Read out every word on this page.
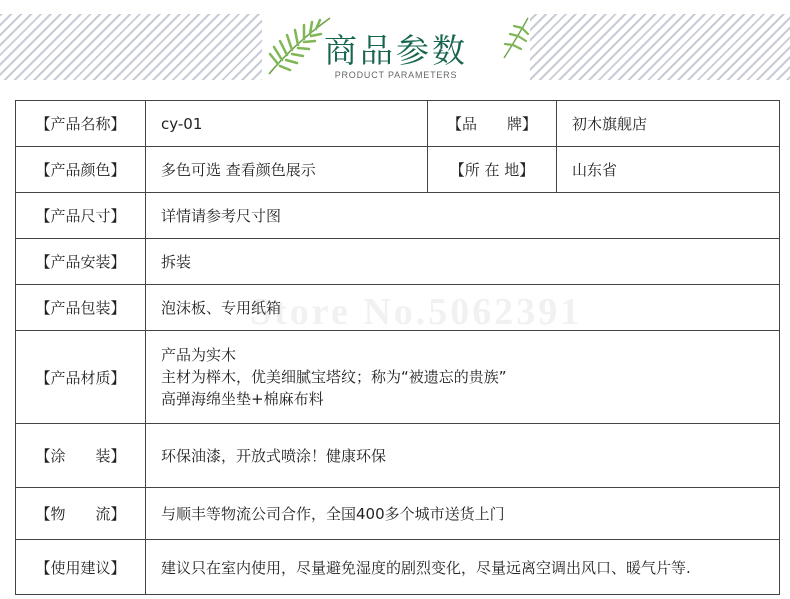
商品参数
PRODUCT PARAMETERS
【产品名称】	cy-01	【品　　牌】	初木旗舰店
【产品颜色】	多色可选 查看颜色展示	【所 在 地】	山东省
【产品尺寸】	详情请参考尺寸图		
【产品安装】	拆装		
【产品包装】	泡沫板、专用纸箱		
【产品材质】	产品为实木
主材为榉木，优美细腻宝塔纹；称为“被遗忘的贵族”
高弹海绵坐垫+棉麻布料		

【涂　　装】	环保油漆，开放式喷涂！健康环保		
【物　　流】	与顺丰等物流公司合作，全国400多个城市送货上门		
【使用建议】	建议只在室内使用，尽量避免湿度的剧烈变化，尽量远离空调出风口、暖气片等.		
Store No.5062391
